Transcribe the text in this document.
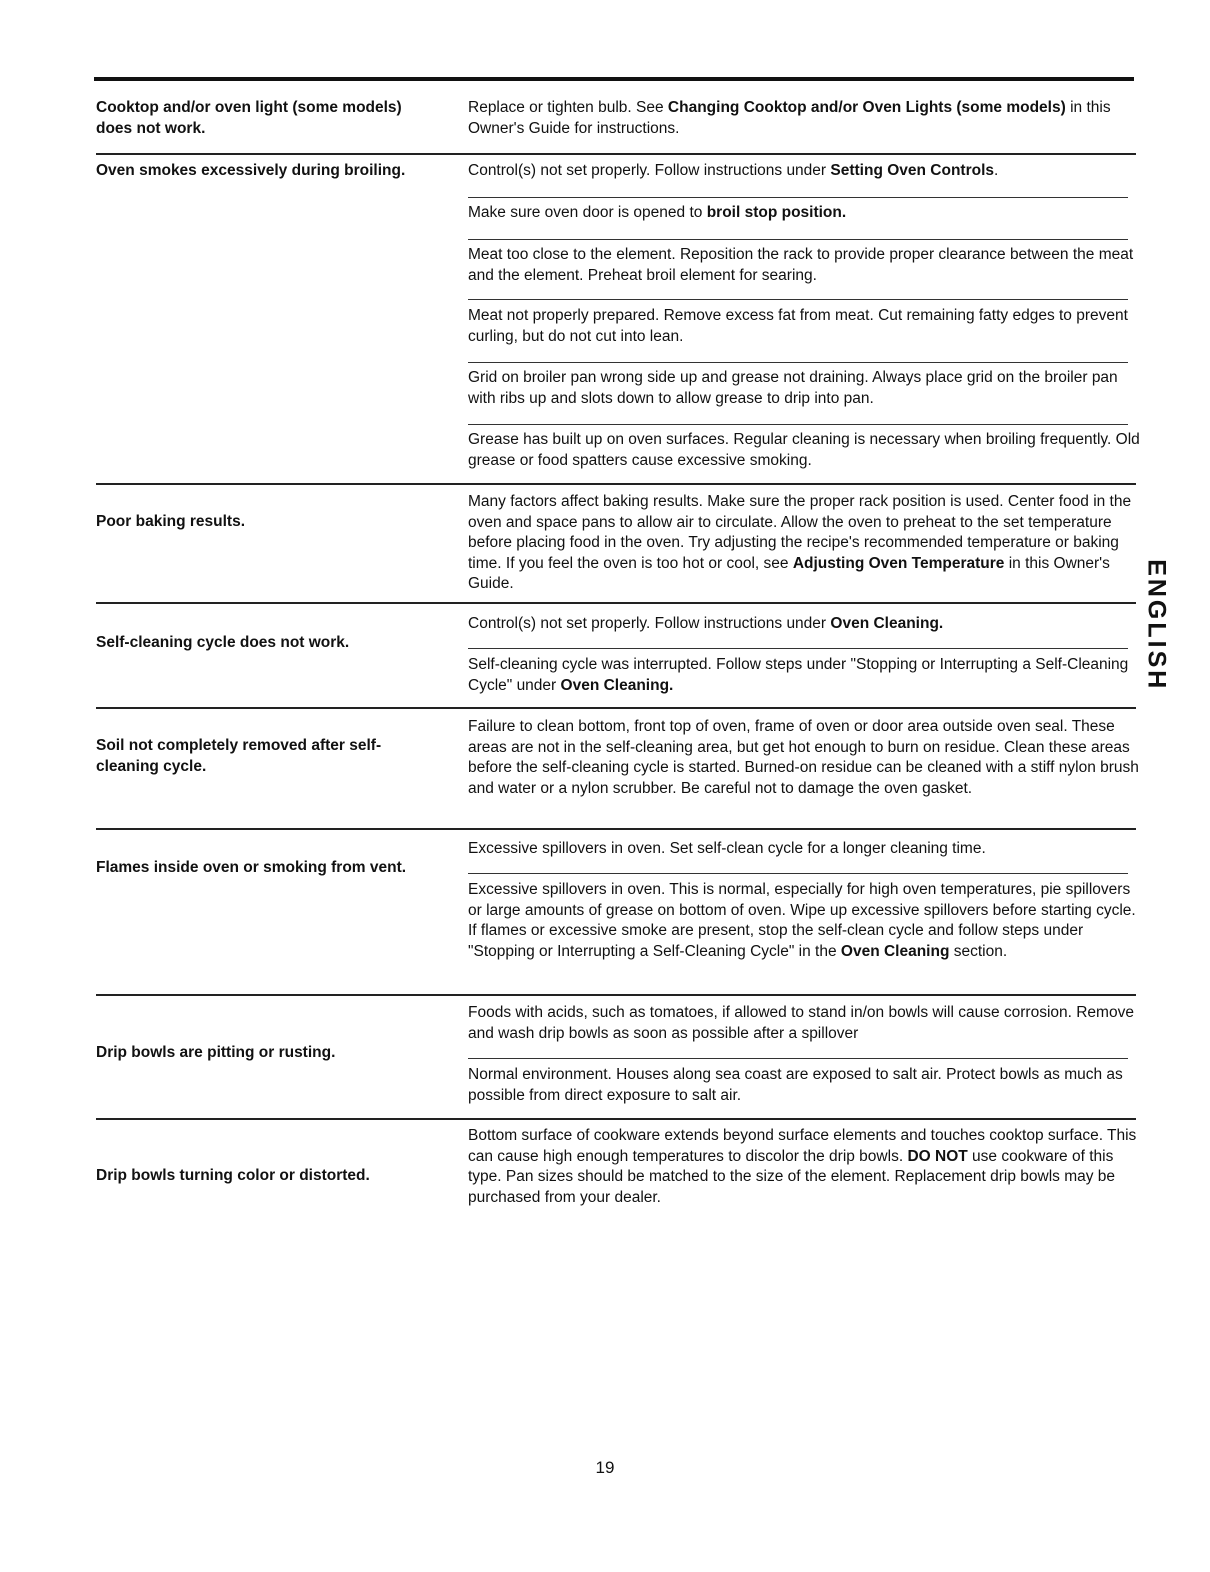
Cooktop and/or oven light (some models) does not work.
Replace or tighten bulb. See Changing Cooktop and/or Oven Lights (some models) in this Owner's Guide for instructions.
Oven smokes excessively during broiling.	Control(s) not set properly. Follow instructions under Setting Oven Controls.
Make sure oven door is opened to broil stop position.
Meat too close to the element. Reposition the rack to provide proper clearance between the meat and the element. Preheat broil element for searing.
Meat not properly prepared. Remove excess fat from meat. Cut remaining fatty edges to prevent curling, but do not cut into lean.
Grid on broiler pan wrong side up and grease not draining. Always place grid on the broiler pan with ribs up and slots down to allow grease to drip into pan.
Grease has built up on oven surfaces. Regular cleaning is necessary when broiling frequently. Old grease or food spatters cause excessive smoking.
Poor baking results.
Many factors affect baking results. Make sure the proper rack position is used. Center food in the oven and space pans to allow air to circulate. Allow the oven to preheat to the set temperature before placing food in the oven. Try adjusting the recipe's recommended temperature or baking time. If you feel the oven is too hot or cool, see Adjusting Oven Temperature in this Owner's Guide.
Self-cleaning cycle does not work.
Control(s) not set properly. Follow instructions under Oven Cleaning.
Self-cleaning cycle was interrupted. Follow steps under "Stopping or Interrupting a Self-Cleaning Cycle" under Oven Cleaning.
Soil not completely removed after self-cleaning cycle.
Failure to clean bottom, front top of oven, frame of oven or door area outside oven seal. These areas are not in the self-cleaning area, but get hot enough to burn on residue. Clean these areas before the self-cleaning cycle is started. Burned-on residue can be cleaned with a stiff nylon brush and water or a nylon scrubber. Be careful not to damage the oven gasket.
Flames inside oven or smoking from vent.
Excessive spillovers in oven. Set self-clean cycle for a longer cleaning time.
Excessive spillovers in oven. This is normal, especially for high oven temperatures, pie spillovers or large amounts of grease on bottom of oven. Wipe up excessive spillovers before starting cycle. If flames or excessive smoke are present, stop the self-clean cycle and follow steps under "Stopping or Interrupting a Self-Cleaning Cycle" in the Oven Cleaning section.
Drip bowls are pitting or rusting.
Foods with acids, such as tomatoes, if allowed to stand in/on bowls will cause corrosion. Remove and wash drip bowls as soon as possible after a spillover
Normal environment. Houses along sea coast are exposed to salt air. Protect bowls as much as possible from direct exposure to salt air.
Drip bowls turning color or distorted.
Bottom surface of cookware extends beyond surface elements and touches cooktop surface. This can cause high enough temperatures to discolor the drip bowls. DO NOT use cookware of this type. Pan sizes should be matched to the size of the element. Replacement drip bowls may be purchased from your dealer.
ENGLISH
19
